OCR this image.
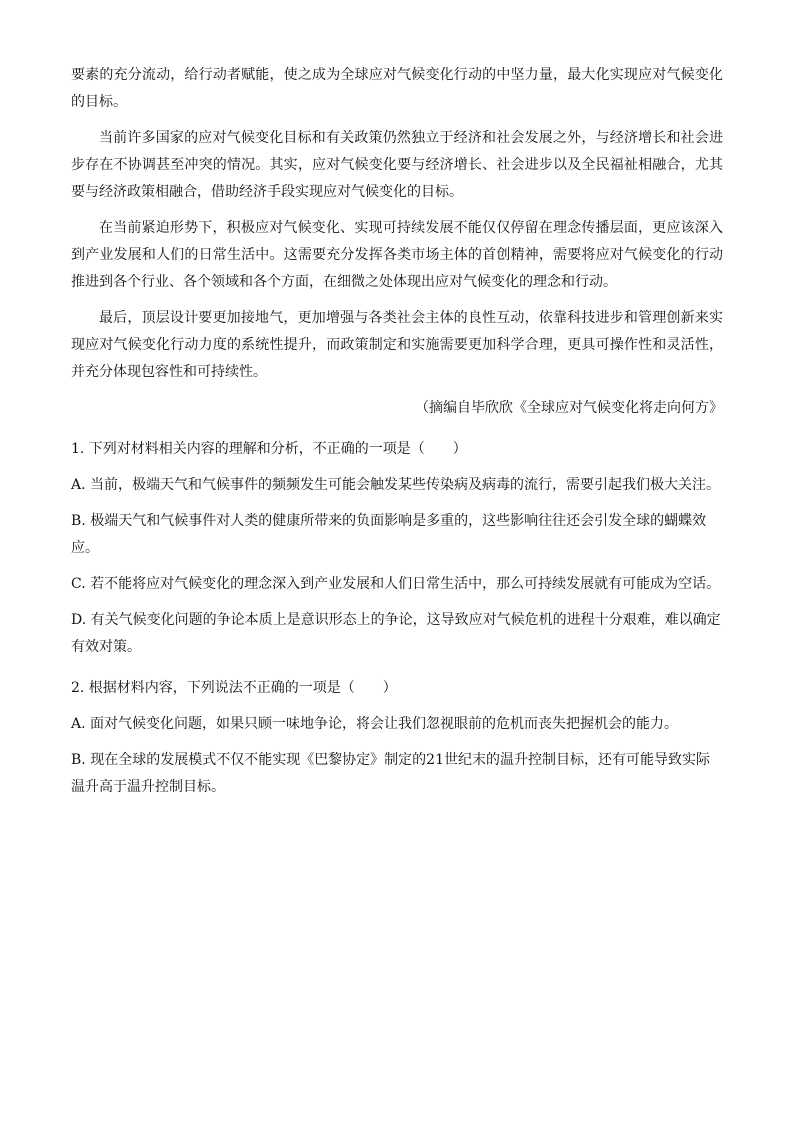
要素的充分流动，给行动者赋能，使之成为全球应对气候变化行动的中坚力量，最大化实现应对气候变化的目标。

当前许多国家的应对气候变化目标和有关政策仍然独立于经济和社会发展之外，与经济增长和社会进步存在不协调甚至冲突的情况。其实，应对气候变化要与经济增长、社会进步以及全民福祉相融合，尤其要与经济政策相融合，借助经济手段实现应对气候变化的目标。

在当前紧迫形势下，积极应对气候变化、实现可持续发展不能仅仅停留在理念传播层面，更应该深入到产业发展和人们的日常生活中。这需要充分发挥各类市场主体的首创精神，需要将应对气候变化的行动推进到各个行业、各个领域和各个方面，在细微之处体现出应对气候变化的理念和行动。

最后，顶层设计要更加接地气，更加增强与各类社会主体的良性互动，依靠科技进步和管理创新来实现应对气候变化行动力度的系统性提升，而政策制定和实施需要更加科学合理，更具可操作性和灵活性，并充分体现包容性和可持续性。

（摘编自毕欣欣《全球应对气候变化将走向何方》

1. 下列对材料相关内容的理解和分析，不正确的一项是（　　）

A. 当前，极端天气和气候事件的频频发生可能会触发某些传染病及病毒的流行，需要引起我们极大关注。

B. 极端天气和气候事件对人类的健康所带来的负面影响是多重的，这些影响往往还会引发全球的蝴蝶效应。

C. 若不能将应对气候变化的理念深入到产业发展和人们日常生活中，那么可持续发展就有可能成为空话。

D. 有关气候变化问题的争论本质上是意识形态上的争论，这导致应对气候危机的进程十分艰难，难以确定有效对策。

2. 根据材料内容，下列说法不正确的一项是（　　）

A. 面对气候变化问题，如果只顾一味地争论，将会让我们忽视眼前的危机而丧失把握机会的能力。

B. 现在全球的发展模式不仅不能实现《巴黎协定》制定的21世纪末的温升控制目标，还有可能导致实际温升高于温升控制目标。
